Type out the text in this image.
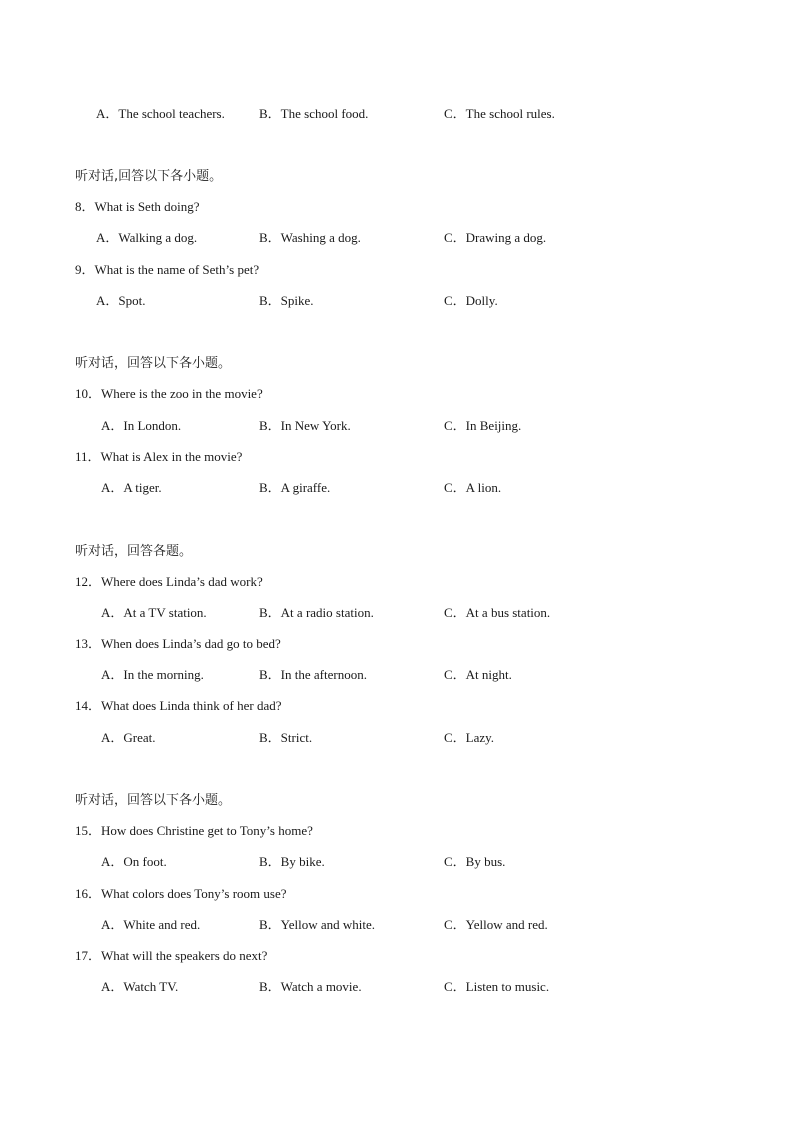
A．The school teachers.	B．The school food.	C．The school rules.
听对话,回答以下各小题。
8．What is Seth doing?
A．Walking a dog.	B．Washing a dog.	C．Drawing a dog.
9．What is the name of Seth’s pet?
A．Spot.	B．Spike.	C．Dolly.
听对话，回答以下各小题。
10．Where is the zoo in the movie?
A．In London.	B．In New York.	C．In Beijing.
11．What is Alex in the movie?
A．A tiger.	B．A giraffe.	C．A lion.
听对话，回答各题。
12．Where does Linda’s dad work?
A．At a TV station.	B．At a radio station.	C．At a bus station.
13．When does Linda’s dad go to bed?
A．In the morning.	B．In the afternoon.	C．At night.
14．What does Linda think of her dad?
A．Great.	B．Strict.	C．Lazy.
听对话，回答以下各小题。
15．How does Christine get to Tony’s home?
A．On foot.	B．By bike.	C．By bus.
16．What colors does Tony’s room use?
A．White and red.	B．Yellow and white.	C．Yellow and red.
17．What will the speakers do next?
A．Watch TV.	B．Watch a movie.	C．Listen to music.
